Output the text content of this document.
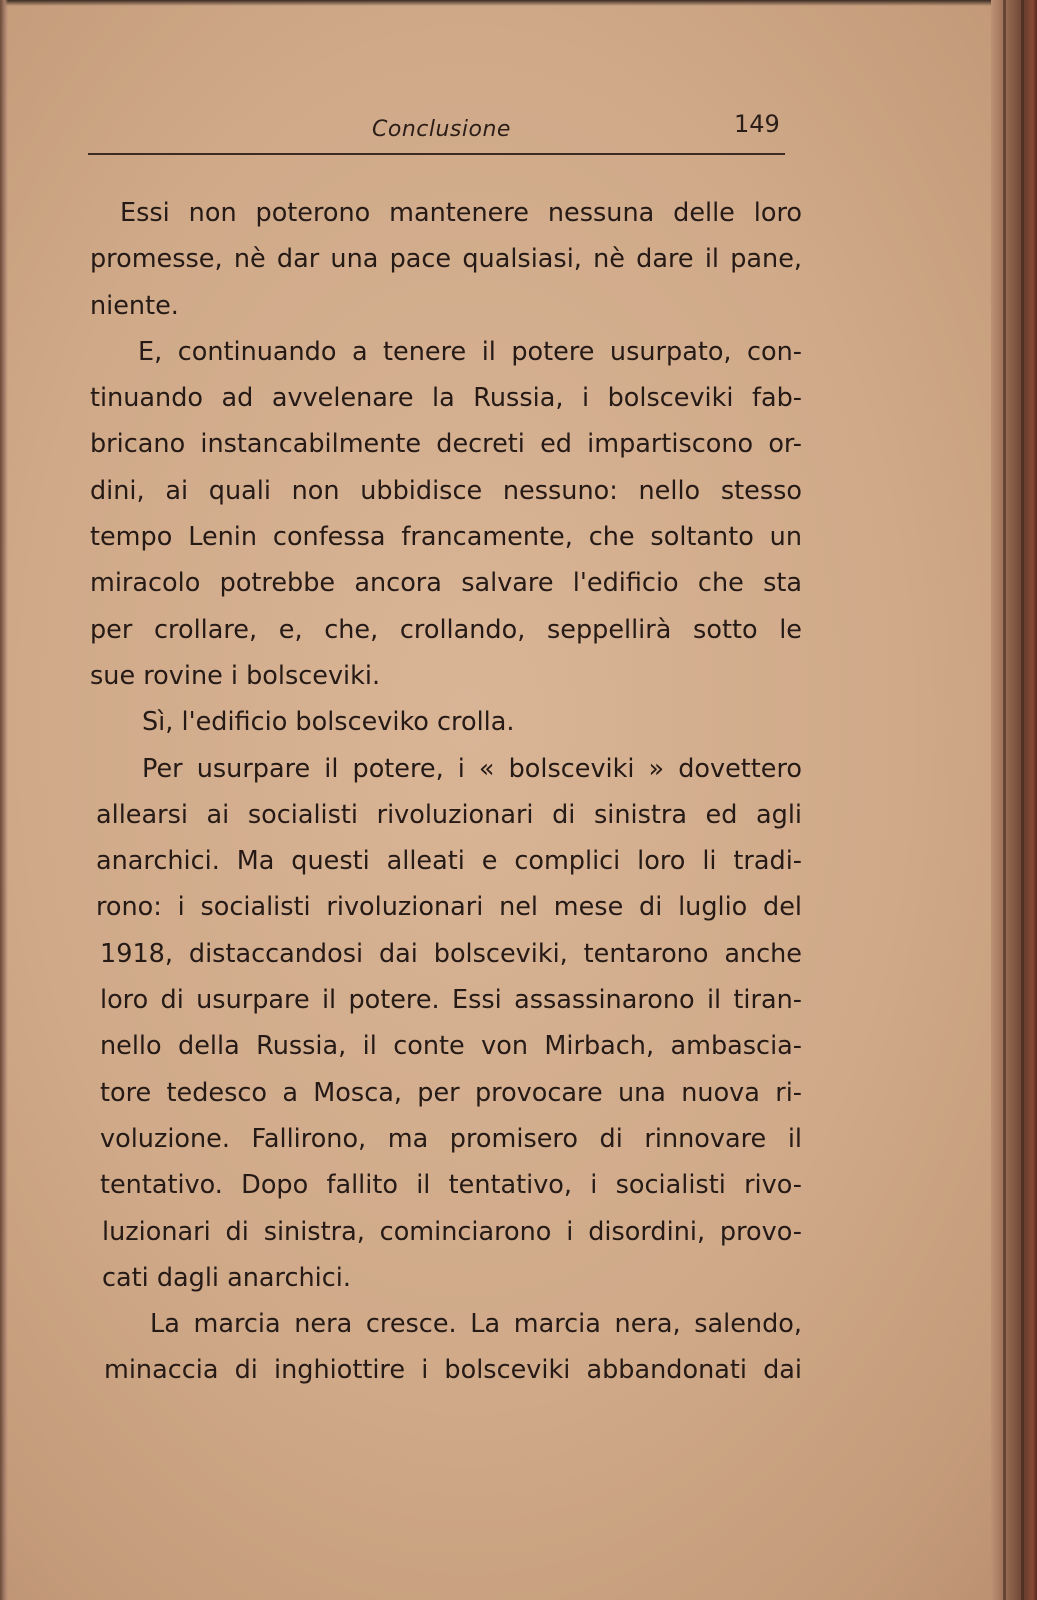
Conclusione	149
Essi non poterono mantenere nessuna delle loro
promesse, nè dar una pace qualsiasi, nè dare il pane,
niente.
E, continuando a tenere il potere usurpato, con-
tinuando ad avvelenare la Russia, i bolsceviki fab-
bricano instancabilmente decreti ed impartiscono or-
dini, ai quali non ubbidisce nessuno: nello stesso
tempo Lenin confessa francamente, che soltanto un
miracolo potrebbe ancora salvare l'edificio che sta
per crollare, e, che, crollando, seppellirà sotto le
sue rovine i bolsceviki.
Sì, l'edificio bolsceviko crolla.
Per usurpare il potere, i « bolsceviki » dovettero
allearsi ai socialisti rivoluzionari di sinistra ed agli
anarchici. Ma questi alleati e complici loro li tradi-
rono: i socialisti rivoluzionari nel mese di luglio del
1918, distaccandosi dai bolsceviki, tentarono anche
loro di usurpare il potere. Essi assassinarono il tiran-
nello della Russia, il conte von Mirbach, ambascia-
tore tedesco a Mosca, per provocare una nuova ri-
voluzione. Fallirono, ma promisero di rinnovare il
tentativo. Dopo fallito il tentativo, i socialisti rivo-
luzionari di sinistra, cominciarono i disordini, provo-
cati dagli anarchici.
La marcia nera cresce. La marcia nera, salendo,
minaccia di inghiottire i bolsceviki abbandonati dai
